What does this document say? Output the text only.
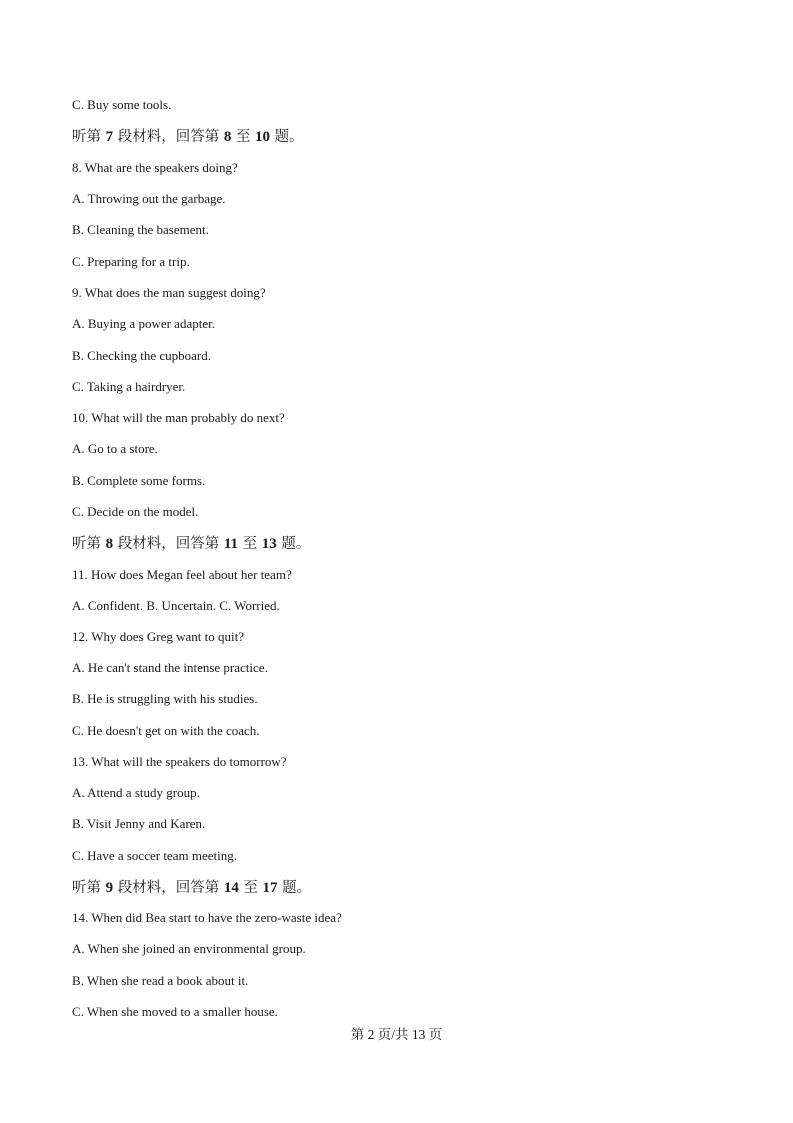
C. Buy some tools.
听第 7 段材料，回答第 8 至 10 题。
8. What are the speakers doing?
A. Throwing out the garbage.
B. Cleaning the basement.
C. Preparing for a trip.
9. What does the man suggest doing?
A. Buying a power adapter.
B. Checking the cupboard.
C. Taking a hairdryer.
10. What will the man probably do next?
A. Go to a store.
B. Complete some forms.
C. Decide on the model.
听第 8 段材料，回答第 11 至 13 题。
11. How does Megan feel about her team?
A. Confident. B. Uncertain. C. Worried.
12. Why does Greg want to quit?
A. He can't stand the intense practice.
B. He is struggling with his studies.
C. He doesn't get on with the coach.
13. What will the speakers do tomorrow?
A. Attend a study group.
B. Visit Jenny and Karen.
C. Have a soccer team meeting.
听第 9 段材料，回答第 14 至 17 题。
14. When did Bea start to have the zero-waste idea?
A. When she joined an environmental group.
B. When she read a book about it.
C. When she moved to a smaller house.
第 2 页/共 13 页
